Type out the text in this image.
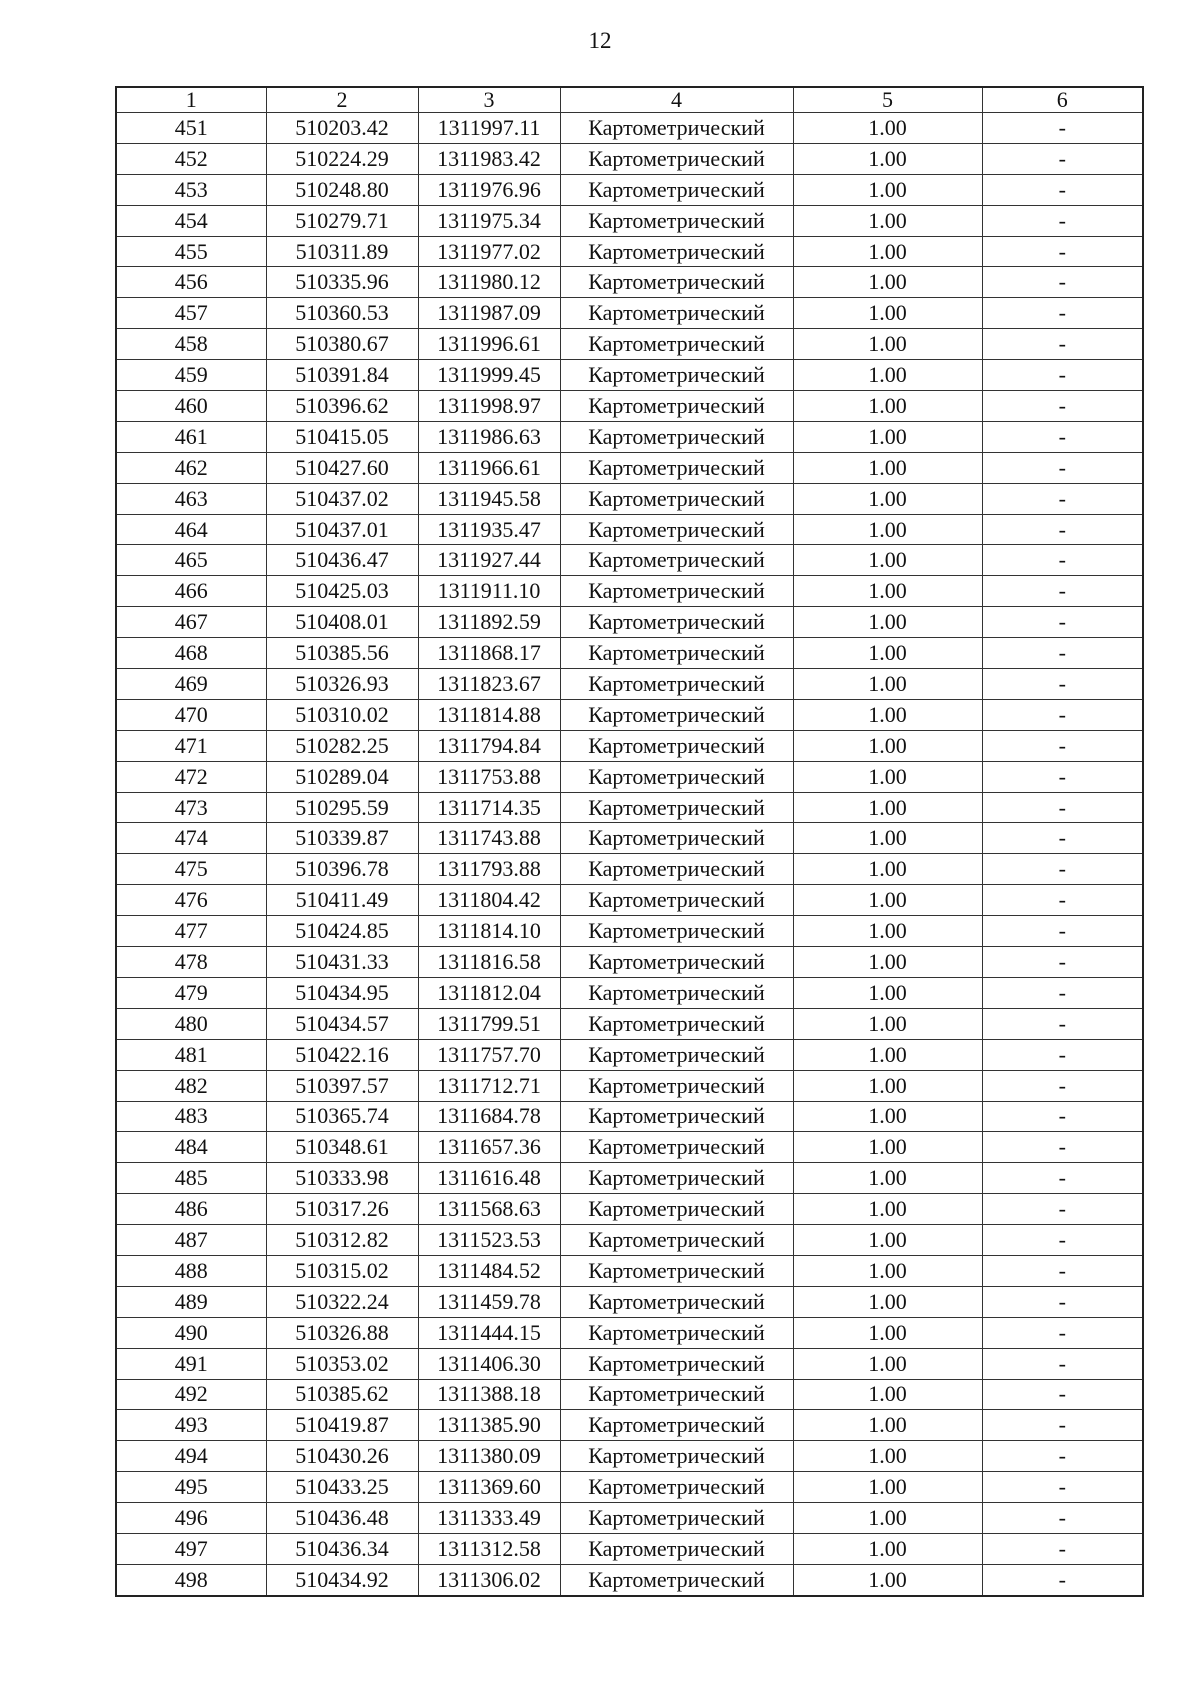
12
1	2	3	4	5	6
451	510203.42	1311997.11	Картометрический	1.00	-
452	510224.29	1311983.42	Картометрический	1.00	-
453	510248.80	1311976.96	Картометрический	1.00	-
454	510279.71	1311975.34	Картометрический	1.00	-
455	510311.89	1311977.02	Картометрический	1.00	-
456	510335.96	1311980.12	Картометрический	1.00	-
457	510360.53	1311987.09	Картометрический	1.00	-
458	510380.67	1311996.61	Картометрический	1.00	-
459	510391.84	1311999.45	Картометрический	1.00	-
460	510396.62	1311998.97	Картометрический	1.00	-
461	510415.05	1311986.63	Картометрический	1.00	-
462	510427.60	1311966.61	Картометрический	1.00	-
463	510437.02	1311945.58	Картометрический	1.00	-
464	510437.01	1311935.47	Картометрический	1.00	-
465	510436.47	1311927.44	Картометрический	1.00	-
466	510425.03	1311911.10	Картометрический	1.00	-
467	510408.01	1311892.59	Картометрический	1.00	-
468	510385.56	1311868.17	Картометрический	1.00	-
469	510326.93	1311823.67	Картометрический	1.00	-
470	510310.02	1311814.88	Картометрический	1.00	-
471	510282.25	1311794.84	Картометрический	1.00	-
472	510289.04	1311753.88	Картометрический	1.00	-
473	510295.59	1311714.35	Картометрический	1.00	-
474	510339.87	1311743.88	Картометрический	1.00	-
475	510396.78	1311793.88	Картометрический	1.00	-
476	510411.49	1311804.42	Картометрический	1.00	-
477	510424.85	1311814.10	Картометрический	1.00	-
478	510431.33	1311816.58	Картометрический	1.00	-
479	510434.95	1311812.04	Картометрический	1.00	-
480	510434.57	1311799.51	Картометрический	1.00	-
481	510422.16	1311757.70	Картометрический	1.00	-
482	510397.57	1311712.71	Картометрический	1.00	-
483	510365.74	1311684.78	Картометрический	1.00	-
484	510348.61	1311657.36	Картометрический	1.00	-
485	510333.98	1311616.48	Картометрический	1.00	-
486	510317.26	1311568.63	Картометрический	1.00	-
487	510312.82	1311523.53	Картометрический	1.00	-
488	510315.02	1311484.52	Картометрический	1.00	-
489	510322.24	1311459.78	Картометрический	1.00	-
490	510326.88	1311444.15	Картометрический	1.00	-
491	510353.02	1311406.30	Картометрический	1.00	-
492	510385.62	1311388.18	Картометрический	1.00	-
493	510419.87	1311385.90	Картометрический	1.00	-
494	510430.26	1311380.09	Картометрический	1.00	-
495	510433.25	1311369.60	Картометрический	1.00	-
496	510436.48	1311333.49	Картометрический	1.00	-
497	510436.34	1311312.58	Картометрический	1.00	-
498	510434.92	1311306.02	Картометрический	1.00	-
